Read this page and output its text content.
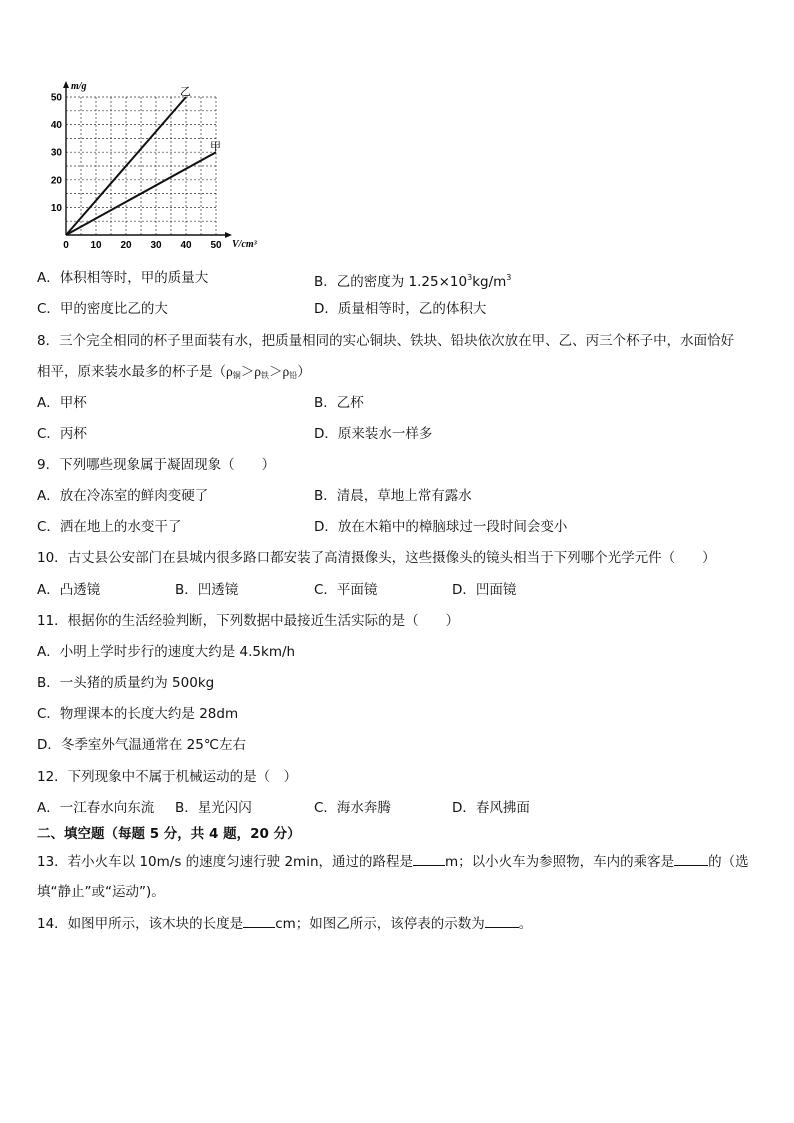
0 10 20 30 40 50
10
20
30
40
50	乙
甲
m/g
V/cm³
A．体积相等时，甲的质量大	B．乙的密度为 $1.25\times 10^3kg/m^3$
C．甲的密度比乙的大	D．质量相等时，乙的体积大
8．三个完全相同的杯子里面装有水，把质量相同的实心铜块、铁块、铅块依次放在甲、乙、丙三个杯子中，水面恰好
相平，原来装水最多的杯子是$(\rho_铜>\rho_铁>\rho_铅)$
A．甲杯	B．乙杯
C．丙杯	D．原来装水一样多
9．下列哪些现象属于凝固现象（　　）
A．放在冷冻室的鲜肉变硬了	B．清晨，草地上常有露水
C．洒在地上的水变干了	D．放在木箱中的樟脑球过一段时间会变小
10．古丈县公安部门在县城内很多路口都安装了高清摄像头，这些摄像头的镜头相当于下列哪个光学元件（　　）
A．凸透镜	B．凹透镜	C．平面镜	D．凹面镜
11．根据你的生活经验判断，下列数据中最接近生活实际的是（　　）
A．小明上学时步行的速度大约是 4.5km/h
B．一头猪的质量约为 500kg
C．物理课本的长度大约是 28dm
D．冬季室外气温通常在 25℃左右
12．下列现象中不属于机械运动的是（　）
A．一江春水向东流 B．星光闪闪	C．海水奔腾	D．春风拂面
二、填空题（每题 5 分，共 4 题，20 分）
13．若小火车以 10m/s 的速度匀速行驶 2min，通过的路程是 m；以小火车为参照物，车内的乘客是	的（选
填“静止”或“运动”)。
14．如图甲所示，该木块的长度是 cm；如图乙所示，该停表的示数为	。
